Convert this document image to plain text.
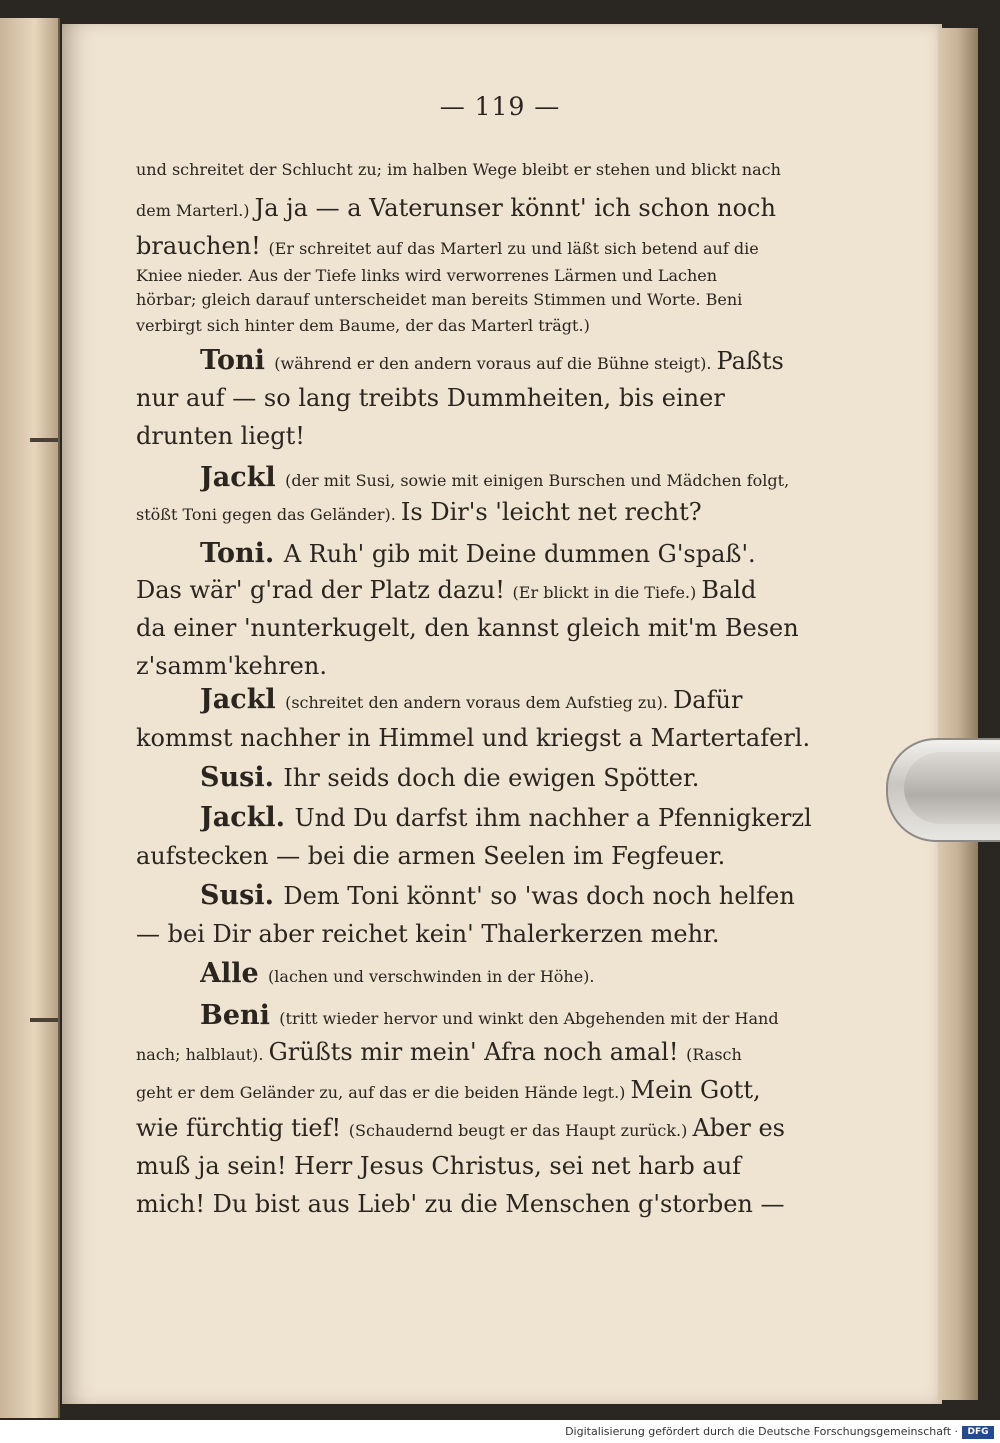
— 119 —
und schreitet der Schlucht zu; im halben Wege bleibt er stehen und blickt nach
dem Marterl.) Ja ja — a Vaterunser könnt' ich schon noch
brauchen! (Er schreitet auf das Marterl zu und läßt sich betend auf die
Kniee nieder. Aus der Tiefe links wird verworrenes Lärmen und Lachen
hörbar; gleich darauf unterscheidet man bereits Stimmen und Worte. Beni
verbirgt sich hinter dem Baume, der das Marterl trägt.)
Toni (während er den andern voraus auf die Bühne steigt). Paßts
nur auf — so lang treibts Dummheiten, bis einer
drunten liegt!
Jackl (der mit Susi, sowie mit einigen Burschen und Mädchen folgt,
stößt Toni gegen das Geländer). Is Dir's 'leicht net recht?
Toni. A Ruh' gib mit Deine dummen G'spaß'.
Das wär' g'rad der Platz dazu! (Er blickt in die Tiefe.) Bald
da einer 'nunterkugelt, den kannst gleich mit'm Besen
z'samm'kehren.
Jackl (schreitet den andern voraus dem Aufstieg zu). Dafür
kommst nachher in Himmel und kriegst a Martertaferl.
Susi. Ihr seids doch die ewigen Spötter.
Jackl. Und Du darfst ihm nachher a Pfennigkerzl
aufstecken — bei die armen Seelen im Fegfeuer.
Susi. Dem Toni könnt' so 'was doch noch helfen
— bei Dir aber reichet kein' Thalerkerzen mehr.
Alle (lachen und verschwinden in der Höhe).
Beni (tritt wieder hervor und winkt den Abgehenden mit der Hand
nach; halblaut). Grüßts mir mein' Afra noch amal! (Rasch
geht er dem Geländer zu, auf das er die beiden Hände legt.) Mein Gott,
wie fürchtig tief! (Schaudernd beugt er das Haupt zurück.) Aber es
muß ja sein! Herr Jesus Christus, sei net harb auf
mich! Du bist aus Lieb' zu die Menschen g'storben —
Digitalisierung gefördert durch die Deutsche Forschungsgemeinschaft ·	DFG
